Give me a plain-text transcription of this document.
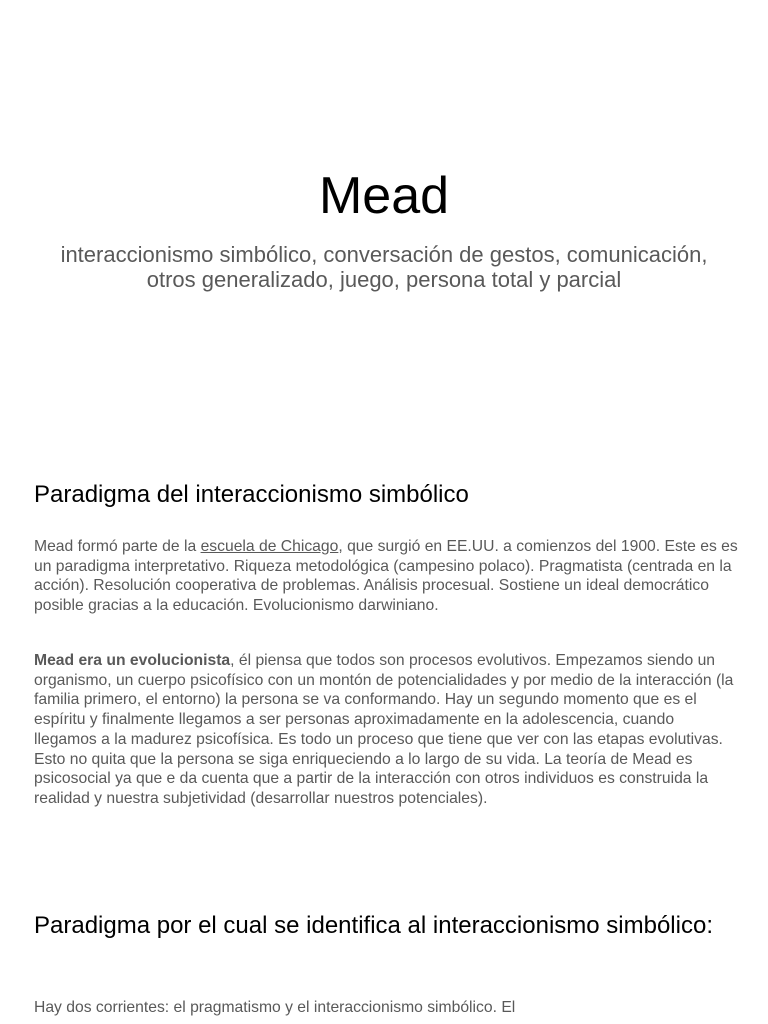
Mead
interaccionismo simbólico, conversación de gestos, comunicación, otros generalizado, juego, persona total y parcial
Paradigma del interaccionismo simbólico
Mead formó parte de la escuela de Chicago, que surgió en EE.UU. a comienzos del 1900. Este es es un paradigma interpretativo. Riqueza metodológica (campesino polaco). Pragmatista (centrada en la acción). Resolución cooperativa de problemas. Análisis procesual. Sostiene un ideal democrático posible gracias a la educación. Evolucionismo darwiniano.
Mead era un evolucionista, él piensa que todos son procesos evolutivos. Empezamos siendo un organismo, un cuerpo psicofísico con un montón de potencialidades y por medio de la interacción (la familia primero, el entorno) la persona se va conformando. Hay un segundo momento que es el espíritu y finalmente llegamos a ser personas aproximadamente en la adolescencia, cuando llegamos a la madurez psicofísica. Es todo un proceso que tiene que ver con las etapas evolutivas. Esto no quita que la persona se siga enriqueciendo a lo largo de su vida. La teoría de Mead es psicosocial ya que e da cuenta que a partir de la interacción con otros individuos es construida la realidad y nuestra subjetividad (desarrollar nuestros potenciales).
Paradigma por el cual se identifica al interaccionismo simbólico:
Hay dos corrientes: el pragmatismo y el interaccionismo simbólico. El
